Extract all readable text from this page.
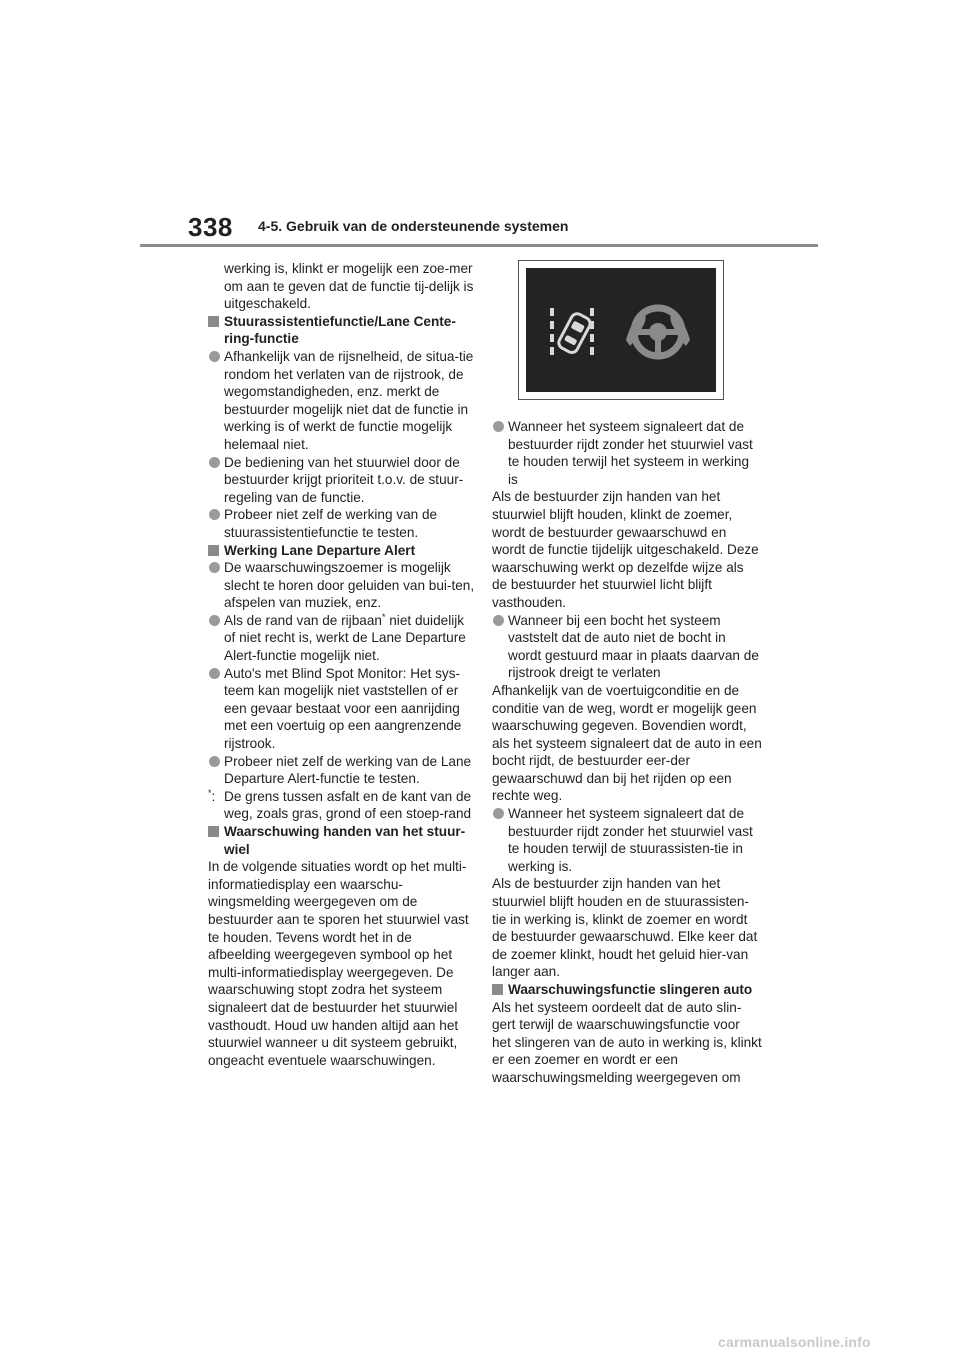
338 4-5. Gebruik van de ondersteunende systemen

werking is, klinkt er mogelijk een zoe-mer om aan te geven dat de functie tij-delijk is uitgeschakeld.

Stuurassistentiefunctie/Lane Cente-ring-functie

Afhankelijk van de rijsnelheid, de situa-tie rondom het verlaten van de rijstrook, de wegomstandigheden, enz. merkt de bestuurder mogelijk niet dat de functie in werking is of werkt de functie mogelijk helemaal niet.

De bediening van het stuurwiel door de bestuurder krijgt prioriteit t.o.v. de stuur-regeling van de functie.

Probeer niet zelf de werking van de stuurassistentiefunctie te testen.

Werking Lane Departure Alert

De waarschuwingszoemer is mogelijk slecht te horen door geluiden van bui-ten, afspelen van muziek, enz.

Als de rand van de rijbaan* niet duidelijk of niet recht is, werkt de Lane Departure Alert-functie mogelijk niet.

Auto's met Blind Spot Monitor: Het sys-teem kan mogelijk niet vaststellen of er een gevaar bestaat voor een aanrijding met een voertuig op een aangrenzende rijstrook.

Probeer niet zelf de werking van de Lane Departure Alert-functie te testen.

*: De grens tussen asfalt en de kant van de weg, zoals gras, grond of een stoep-rand

Waarschuwing handen van het stuur-wiel

In de volgende situaties wordt op het multi-informatiedisplay een waarschu-wingsmelding weergegeven om de bestuurder aan te sporen het stuurwiel vast te houden. Tevens wordt het in de afbeelding weergegeven symbool op het multi-informatiedisplay weergegeven. De waarschuwing stopt zodra het systeem signaleert dat de bestuurder het stuurwiel vasthoudt. Houd uw handen altijd aan het stuurwiel wanneer u dit systeem gebruikt, ongeacht eventuele waarschuwingen.

Wanneer het systeem signaleert dat de bestuurder rijdt zonder het stuurwiel vast te houden terwijl het systeem in werking is

Als de bestuurder zijn handen van het stuurwiel blijft houden, klinkt de zoemer, wordt de bestuurder gewaarschuwd en wordt de functie tijdelijk uitgeschakeld. Deze waarschuwing werkt op dezelfde wijze als de bestuurder het stuurwiel licht blijft vasthouden.

Wanneer bij een bocht het systeem vaststelt dat de auto niet de bocht in wordt gestuurd maar in plaats daarvan de rijstrook dreigt te verlaten

Afhankelijk van de voertuigconditie en de conditie van de weg, wordt er mogelijk geen waarschuwing gegeven. Bovendien wordt, als het systeem signaleert dat de auto in een bocht rijdt, de bestuurder eer-der gewaarschuwd dan bij het rijden op een rechte weg.

Wanneer het systeem signaleert dat de bestuurder rijdt zonder het stuurwiel vast te houden terwijl de stuurassisten-tie in werking is.

Als de bestuurder zijn handen van het stuurwiel blijft houden en de stuurassisten-tie in werking is, klinkt de zoemer en wordt de bestuurder gewaarschuwd. Elke keer dat de zoemer klinkt, houdt het geluid hier-van langer aan.

Waarschuwingsfunctie slingeren auto

Als het systeem oordeelt dat de auto slin-gert terwijl de waarschuwingsfunctie voor het slingeren van de auto in werking is, klinkt er een zoemer en wordt er een waarschuwingsmelding weergegeven om

carmanualsonline.info
